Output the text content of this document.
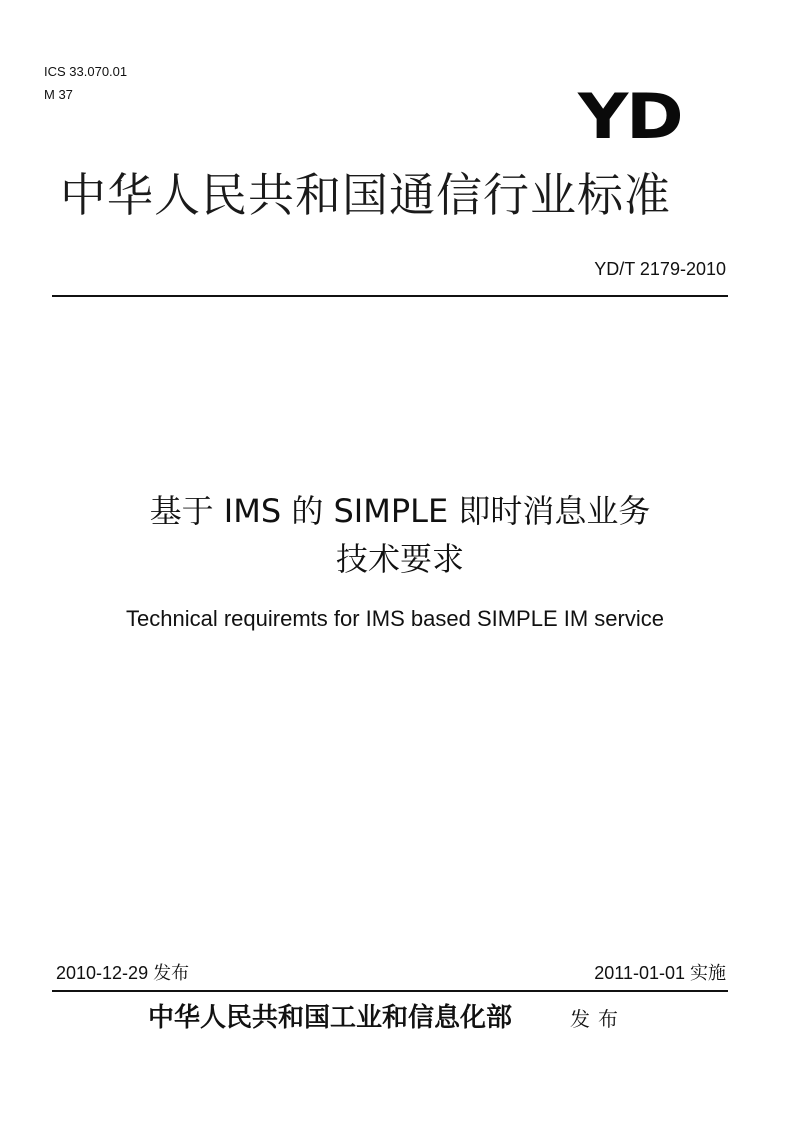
ICS 33.070.01
M 37	YD
中华人民共和国通信行业标准
YD/T 2179-2010
基于 IMS 的 SIMPLE 即时消息业务
技术要求
Technical requiremts for IMS based SIMPLE IM service
2010-12-29 发布	2011-01-01 实施
中华人民共和国工业和信息化部	发布
